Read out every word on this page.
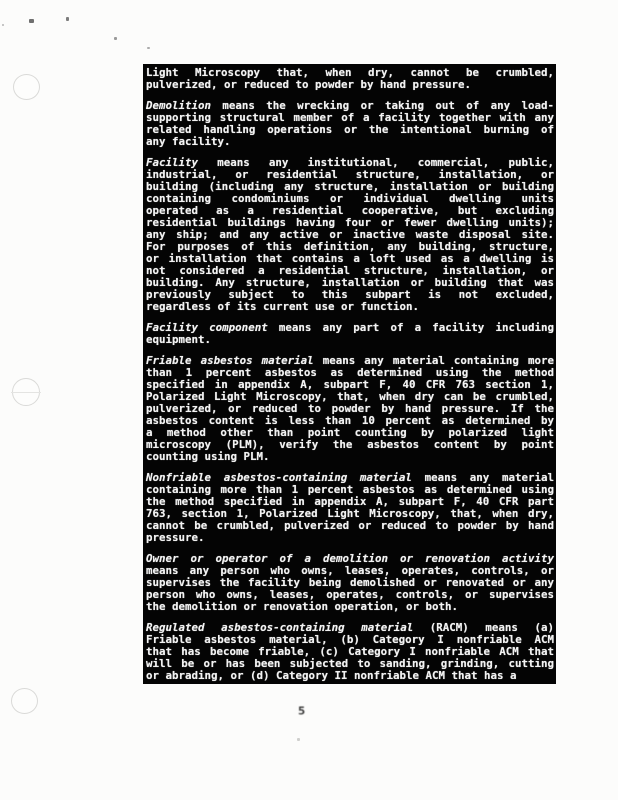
Light Microscopy that, when dry, cannot be crumbled,
pulverized, or reduced to powder by hand pressure.
Demolition means the wrecking or taking out of any load-
supporting structural member of a facility together with any
related handling operations or the intentional burning of
any facility.
Facility means any institutional, commercial, public,
industrial, or residential structure, installation, or
building (including any structure, installation or building
containing condominiums or individual dwelling units
operated as a residential cooperative, but excluding
residential buildings having four or fewer dwelling units);
any ship; and any active or inactive waste disposal site.
For purposes of this definition, any building, structure,
or installation that contains a loft used as a dwelling is
not considered a residential structure, installation, or
building. Any structure, installation or building that was
previously subject to this subpart is not excluded,
regardless of its current use or function.
Facility component means any part of a facility including
equipment.
Friable asbestos material means any material containing more
than 1 percent asbestos as determined using the method
specified in appendix A, subpart F, 40 CFR 763 section 1,
Polarized Light Microscopy, that, when dry can be crumbled,
pulverized, or reduced to powder by hand pressure. If the
asbestos content is less than 10 percent as determined by
a method other than point counting by polarized light
microscopy (PLM), verify the asbestos content by point
counting using PLM.
Nonfriable asbestos-containing material means any material
containing more than 1 percent asbestos as determined using
the method specified in appendix A, subpart F, 40 CFR part
763, section 1, Polarized Light Microscopy, that, when dry,
cannot be crumbled, pulverized or reduced to powder by hand
pressure.
Owner or operator of a demolition or renovation activity
means any person who owns, leases, operates, controls, or
supervises the facility being demolished or renovated or any
person who owns, leases, operates, controls, or supervises
the demolition or renovation operation, or both.
Regulated asbestos-containing material (RACM) means (a)
Friable asbestos material, (b) Category I nonfriable ACM
that has become friable, (c) Category I nonfriable ACM that
will be or has been subjected to sanding, grinding, cutting
or abrading, or (d) Category II nonfriable ACM that has a
5
